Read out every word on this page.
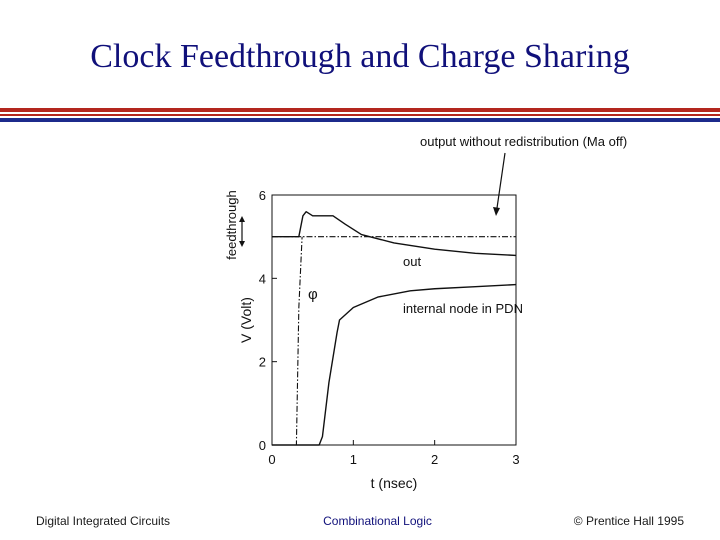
Clock Feedthrough and Charge Sharing
0	1	2	3
0
2
4
6
t (nsec)
V (Volt)
feedthrough
output without redistribution (Ma off)
out
φ
internal node in PDN
Digital Integrated Circuits	Combinational Logic	© Prentice Hall 1995
